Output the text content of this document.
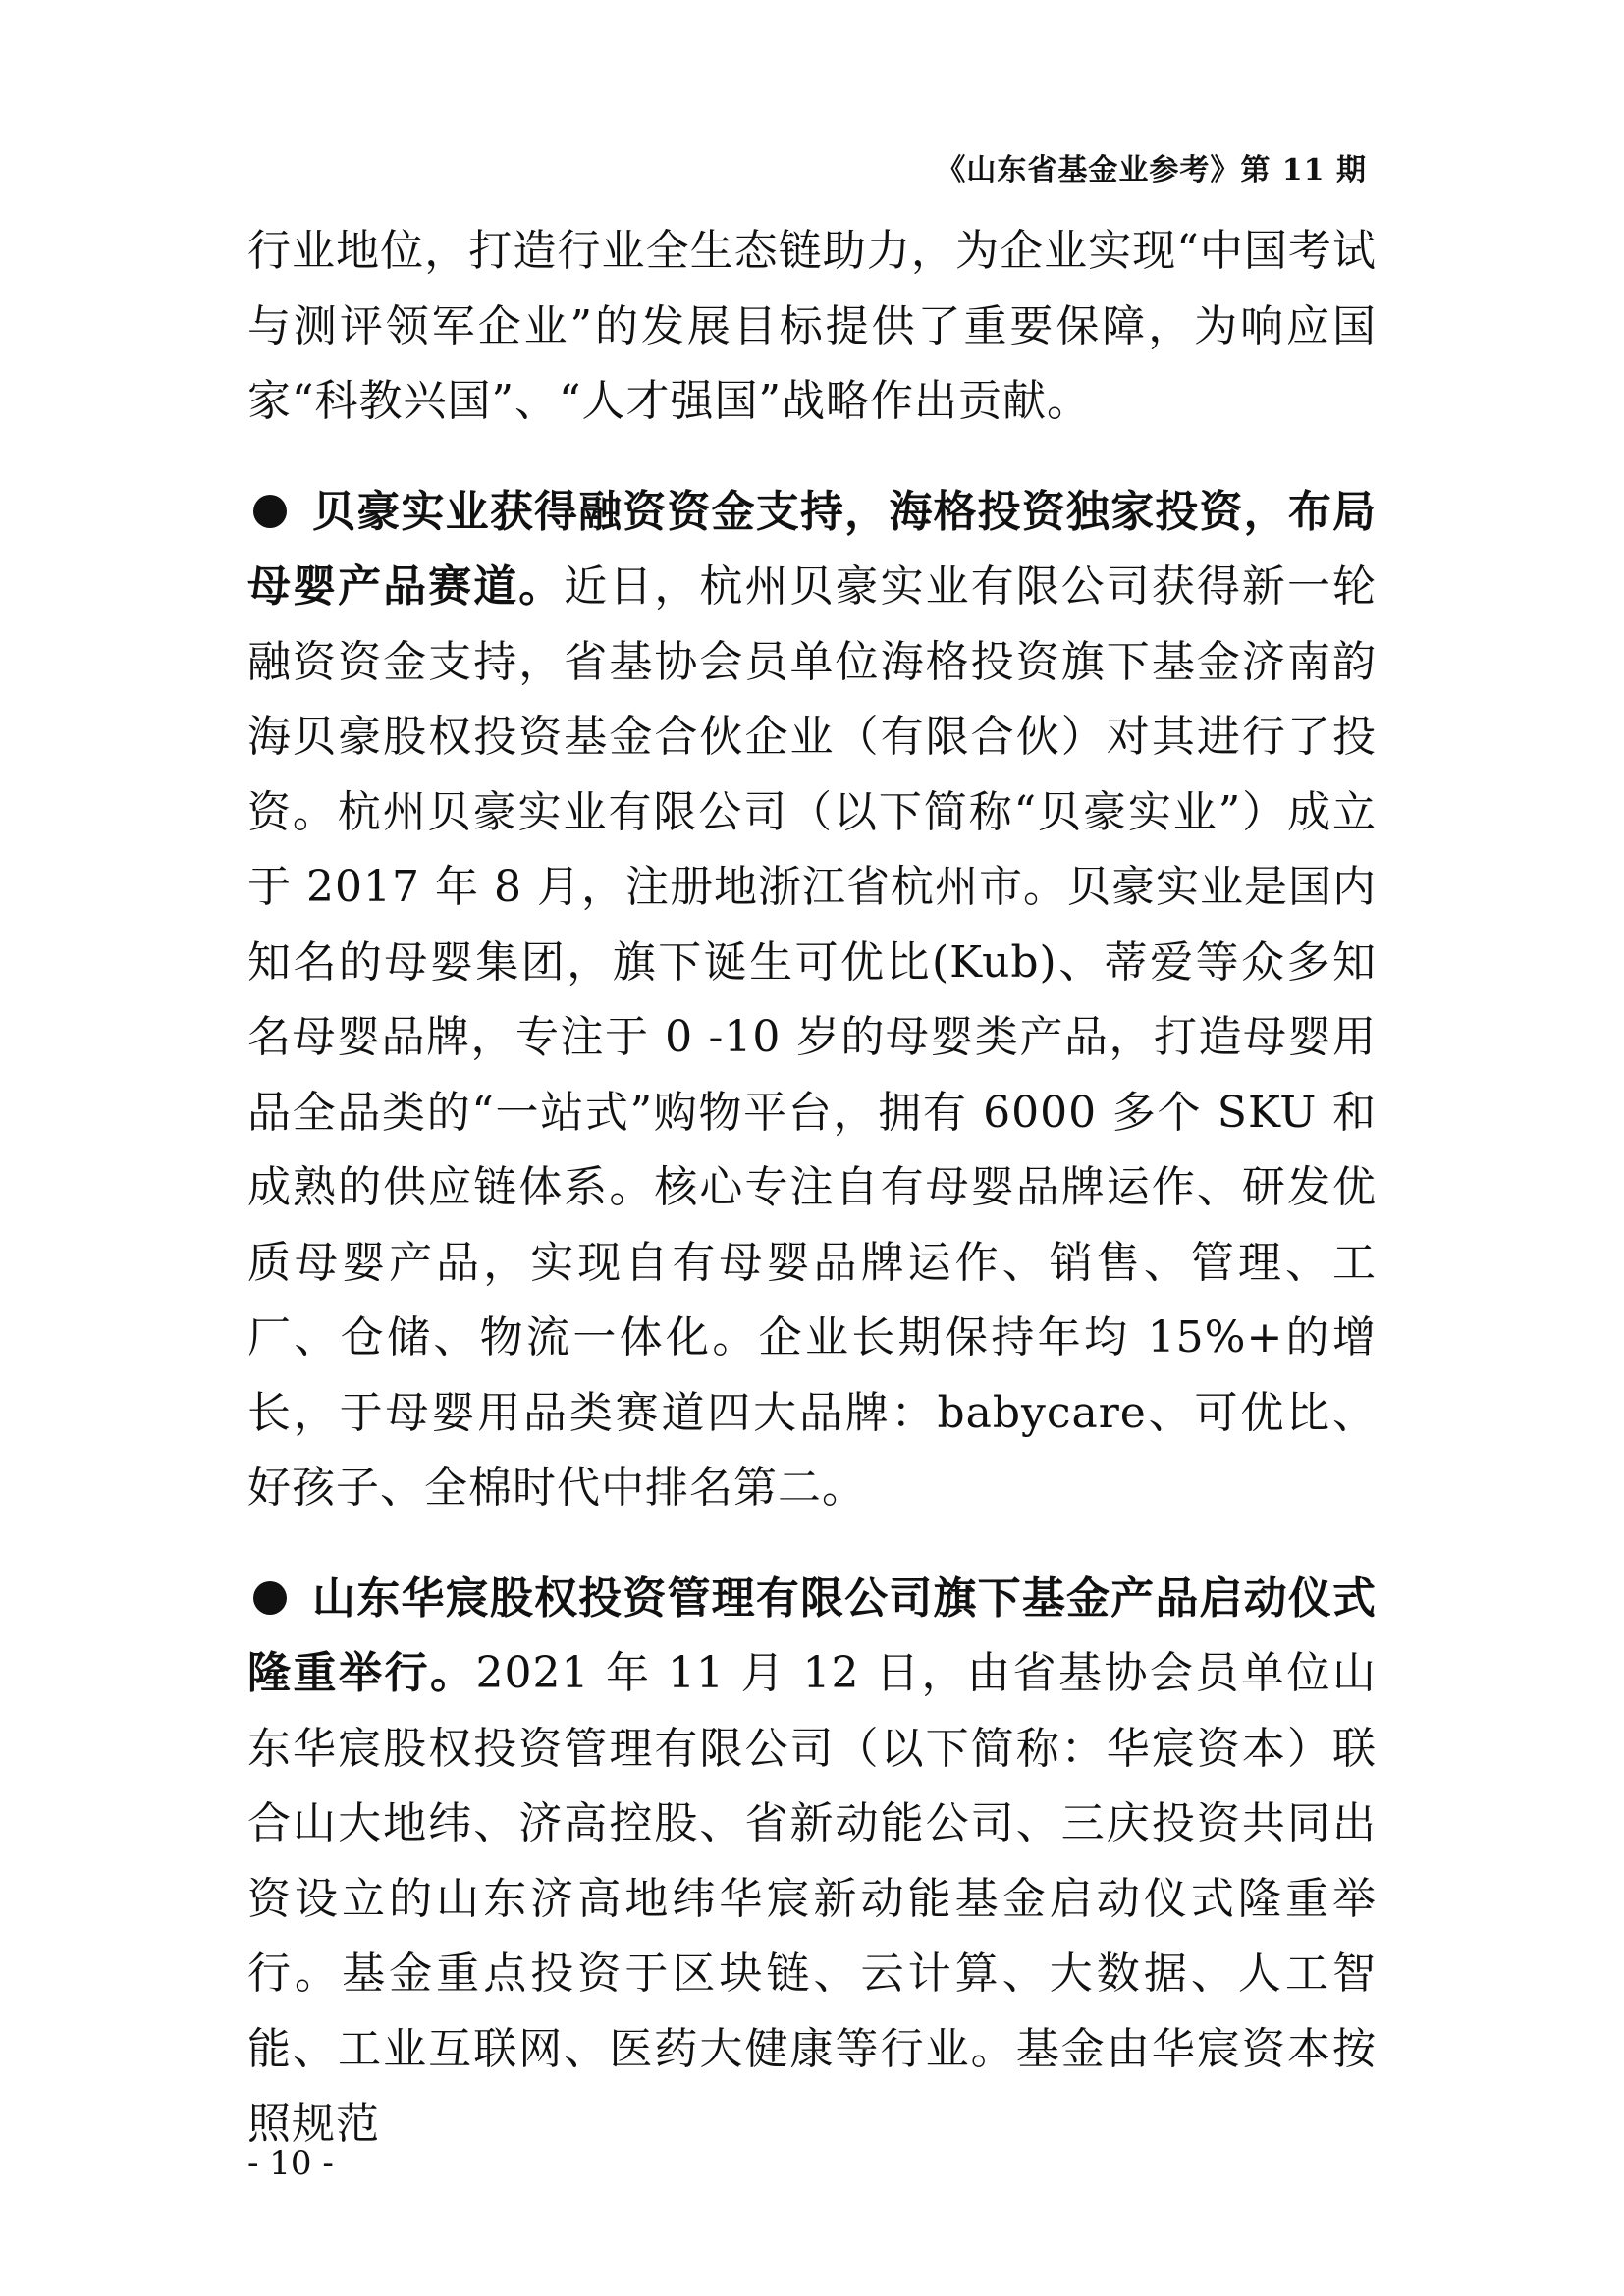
《山东省基金业参考》第 11 期

行业地位，打造行业全生态链助力，为企业实现“中国考试与测评领军企业”的发展目标提供了重要保障，为响应国家“科教兴国”、“人才强国”战略作出贡献。

贝豪实业获得融资资金支持，海格投资独家投资，布局母婴产品赛道。近日，杭州贝豪实业有限公司获得新一轮融资资金支持，省基协会员单位海格投资旗下基金济南韵海贝豪股权投资基金合伙企业（有限合伙）对其进行了投资。杭州贝豪实业有限公司（以下简称“贝豪实业”）成立于 2017 年 8 月，注册地浙江省杭州市。贝豪实业是国内知名的母婴集团，旗下诞生可优比(Kub)、蒂爱等众多知名母婴品牌，专注于 0 -10 岁的母婴类产品，打造母婴用品全品类的“一站式”购物平台，拥有 6000 多个 SKU 和成熟的供应链体系。核心专注自有母婴品牌运作、研发优质母婴产品，实现自有母婴品牌运作、销售、管理、工厂、仓储、物流一体化。企业长期保持年均 15%+的增长，于母婴用品类赛道四大品牌：babycare、可优比、好孩子、全棉时代中排名第二。

山东华宸股权投资管理有限公司旗下基金产品启动仪式隆重举行。2021 年 11 月 12 日，由省基协会员单位山东华宸股权投资管理有限公司（以下简称：华宸资本）联合山大地纬、济高控股、省新动能公司、三庆投资共同出资设立的山东济高地纬华宸新动能基金启动仪式隆重举行。基金重点投资于区块链、云计算、大数据、人工智能、工业互联网、医药大健康等行业。基金由华宸资本按照规范

- 10 -
